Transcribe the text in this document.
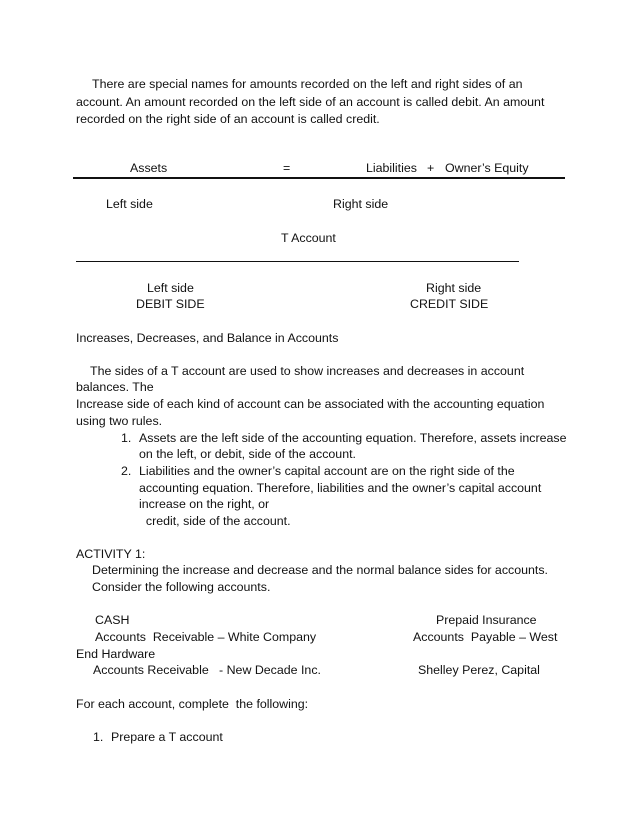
There are special names for amounts recorded on the left and right sides of an
account. An amount recorded on the left side of an account is called debit. An amount
recorded on the right side of an account is called credit.
Assets	=	Liabilities + Owner’s Equity
Left side	Right side
T Account
Left side
DEBIT SIDE
Right side
CREDIT SIDE
Increases, Decreases, and Balance in Accounts
The sides of a T account are used to show increases and decreases in account
balances. The
Increase side of each kind of account can be associated with the accounting equation
using two rules.
1. Assets are the left side of the accounting equation. Therefore, assets increase
on the left, or debit, side of the account.
2. Liabilities and the owner’s capital account are on the right side of the
accounting equation. Therefore, liabilities and the owner’s capital account
increase on the right, or
credit, side of the account.
ACTIVITY 1:
Determining the increase and decrease and the normal balance sides for accounts.
Consider the following accounts.
CASH	Prepaid Insurance
Accounts  Receivable – White Company	Accounts  Payable – West
End Hardware
Accounts Receivable   - New Decade Inc.	Shelley Perez, Capital
For each account, complete  the following:
1. Prepare a T account
